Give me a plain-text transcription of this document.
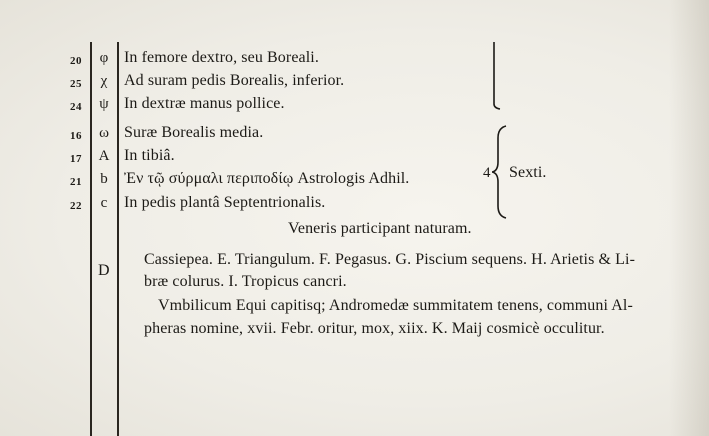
20
25
24
16
17
21
22
φ
χ
ψ
ω
A
b
c
In femore dextro, seu Boreali.
Ad suram pedis Borealis, inferior.
In dextræ manus pollice.
Suræ Borealis media.
In tibiâ.
Ἐν τῷ σύρμαλι περιποδίῳ Astrologis Adhil.
In pedis plantâ Septentrionalis.
4 Sexti.
Veneris participant naturam.
D
Cassiepea. E. Triangulum. F. Pegasus. G. Piscium sequens. H. Arietis & Li-
bræ colurus. I. Tropicus cancri.
Vmbilicum Equi capitisq; Andromedæ summitatem tenens, communi Al-
pheras nomine, xvii. Febr. oritur, mox, xiix. K. Maij cosmicè occulitur.
